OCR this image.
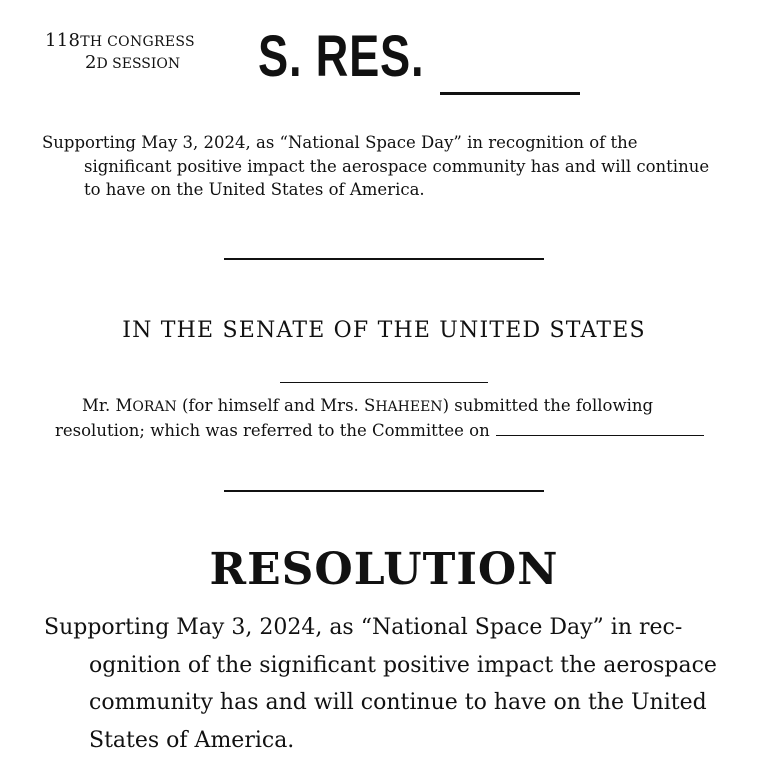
118TH CONGRESS
2D SESSION S. RES.
Supporting May 3, 2024, as “National Space Day” in recognition of the
significant positive impact the aerospace community has and will continue
to have on the United States of America.
IN THE SENATE OF THE UNITED STATES
Mr. MORAN (for himself and Mrs. SHAHEEN) submitted the following
resolution; which was referred to the Committee on
RESOLUTION
Supporting May 3, 2024, as “National Space Day” in rec-
ognition of the significant positive impact the aerospace
community has and will continue to have on the United
States of America.
